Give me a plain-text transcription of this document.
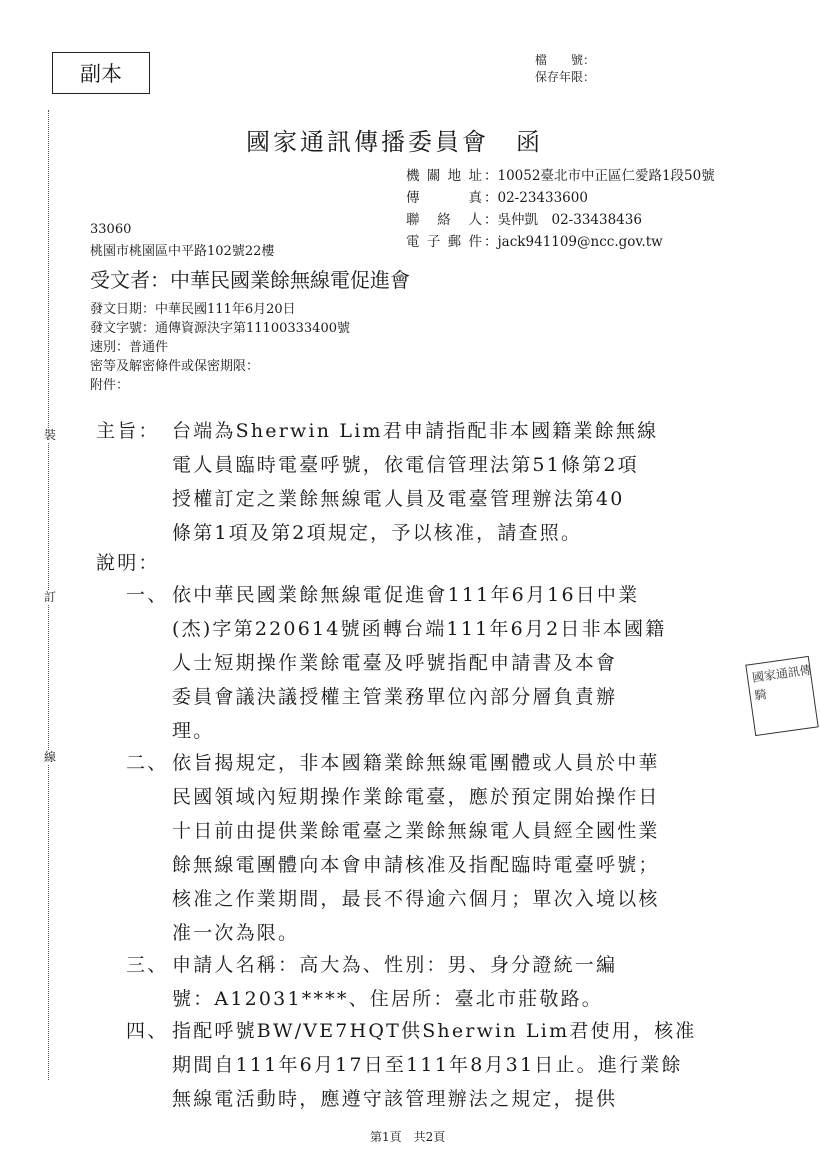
裝
訂
線
副本
檔　　號：
保存年限：
國家通訊傳播委員會　函
機關地址 ：10052臺北市中正區仁愛路1段50號
傳　真 ：02-23433600
聯絡人 ：吳仲凱　02-33438436
電子郵件 ：jack941109@ncc.gov.tw
33060
桃園市桃園區中平路102號22樓
受文者：中華民國業餘無線電促進會
發文日期：中華民國111年6月20日
發文字號：通傳資源決字第11100333400號
速別：普通件
密等及解密條件或保密期限：
附件：
主旨： 台端為Sherwin Lim君申請指配非本國籍業餘無線
電人員臨時電臺呼號，依電信管理法第51條第2項
授權訂定之業餘無線電人員及電臺管理辦法第40
條第1項及第2項規定，予以核准，請查照。
說明：
一、 依中華民國業餘無線電促進會111年6月16日中業
(杰)字第220614號函轉台端111年6月2日非本國籍
人士短期操作業餘電臺及呼號指配申請書及本會
委員會議決議授權主管業務單位內部分層負責辦
理。
二、 依旨揭規定，非本國籍業餘無線電團體或人員於中華
民國領域內短期操作業餘電臺，應於預定開始操作日
十日前由提供業餘電臺之業餘無線電人員經全國性業
餘無線電團體向本會申請核准及指配臨時電臺呼號；
核准之作業期間，最長不得逾六個月；單次入境以核
准一次為限。
三、 申請人名稱：高大為、性別：男、身分證統一編
號：A12031****、住居所：臺北市莊敬路。
四、 指配呼號BW/VE7HQT供Sherwin Lim君使用，核准
期間自111年6月17日至111年8月31日止。進行業餘
無線電活動時，應遵守該管理辦法之規定，提供
國家通訊傳
騎
第1頁　共2頁
